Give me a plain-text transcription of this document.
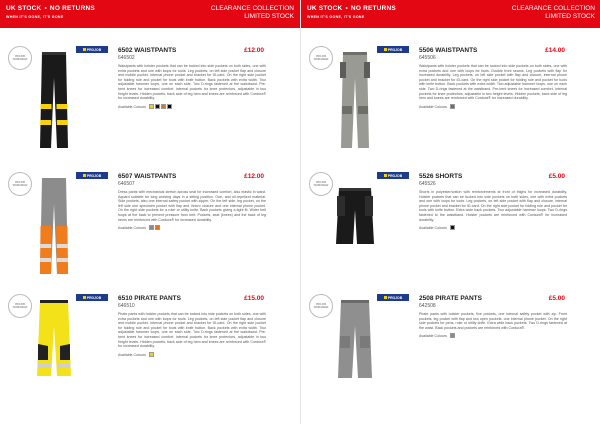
UK STOCK • NO RETURNS
WHEN IT'S GONE, IT'S GONE
CLEARANCE COLLECTION
LIMITED STOCK
PROJOB WORKWEAR
PROJOB	6502 WAISTPANTS
646502
£12.00
Waistpants with holster pockets that can be tucked into side pockets on both sides, one with extra pockets and one with loops for tools. Leg pockets, on left side pocket flap and closure and mobile pocket. Internal phone pocket and bracket for ID-card. On the right side pocket for folding rule and pocket for tools with knife button. Back pockets with extra width. Two adjustable hammer loops, one on each side. Two D-rings fastened at the waistband. Pre-bent knees for increased comfort. Internal pockets for knee protectors, adjustable in two height levels. Hidden pockets, back side of leg hem and knees are reinforced with Cordura® for increased durability.
Available Colours
PROJOB WORKWEAR
PROJOB	6507 WAISTPANTS
646507
£12.00
Dress pants with mechanical stretch across seat for increased comfort, also elastic in waist. Aquard suitable for long working days in a sitting position. One- and oil-repellent material. Side pockets, also one internal safety pocket with zipper. On the left side, leg pocket, on the left side one specimen pocket with flap and Velcro closure and one internal phone pocket. On the right side pockets for a ruler or utility knife. Back pockets giving a tight fit. Wider belt loops at the back to prevent pressure from belt. Pockets, seat (knees) and the back of leg hems are reinforced with Cordura® for increased durability.
Available Colours
PROJOB WORKWEAR
PROJOB	6510 PIRATE PANTS
646510
£15.00
Pirate pants with holster pockets that can be tucked into side pockets on both sides, one with extra pockets and one with loops for tools. Leg pockets, on left side pocket flap and closure and mobile pocket. Internal phone pocket and bracket for ID-card. On the right side pocket for folding rule and pocket for tools with knife button. Back pockets with extra width. Two adjustable hammer loops, one on each side. Two D-rings fastened at the waistband. Pre-bent knees for increased comfort. Internal pockets for knee protectors, adjustable in two height levels. Hidden pockets, back side of leg hem and knees are reinforced with Cordura® for increased durability.
Available Colours
UK STOCK • NO RETURNS
WHEN IT'S GONE, IT'S GONE
CLEARANCE COLLECTION
LIMITED STOCK
PROJOB WORKWEAR
PROJOB	5506 WAISTPANTS
645506
£14.00
Waistpants with holster pockets that can be tucked into side pockets on both sides, one with extra pockets and one with loops for tools. Double front seams. Leg pockets with flap for increased durability. Leg pockets, on left side pocket with flap and closure, internal phone pocket and bracket for ID-card. On the right side pocket for folding rule and pocket for tools with knife button. Back pockets with extra width. Two adjustable hammer loops, one on each side. Two D-rings fastened at the waistband. Pre-bent knees for increased comfort. Internal pockets for knee protectors, adjustable in two height levels. Hidden pockets, back side of leg hem and knees are reinforced with Cordura® for increased durability.
Available Colours
PROJOB WORKWEAR
PROJOB	5526 SHORTS
645526
£5.00
Shorts in polyester/cotton with reinforcements at front of thighs for increased durability. Holster pockets that can be tucked into side pockets on both sides, one with extra pockets and one with loops for tools. Leg pockets, on left side pocket with flap and closure, internal phone pocket and bracket for ID-card. On the right side pocket for folding rule and pocket for tools with knife button. Extra wide back pockets. Two adjustable hammer loops. Two D-rings fastened to the waistband. Holster pockets are reinforced with Cordura® for increased durability.
Available Colours
PROJOB WORKWEAR
PROJOB	2508 PIRATE PANTS
642508
£5.00
Pirate pants with holster pockets, five pockets, one internal safety pocket with zip. Front pockets, leg pocket with flap and two open pockets, one internal phone pocket. On the right side pockets for pens, ruler or utility knife. Extra wide back pockets. Two D-rings fastened at the waist. Back pockets and pockets are reinforced with Cordura®.
Available Colours
